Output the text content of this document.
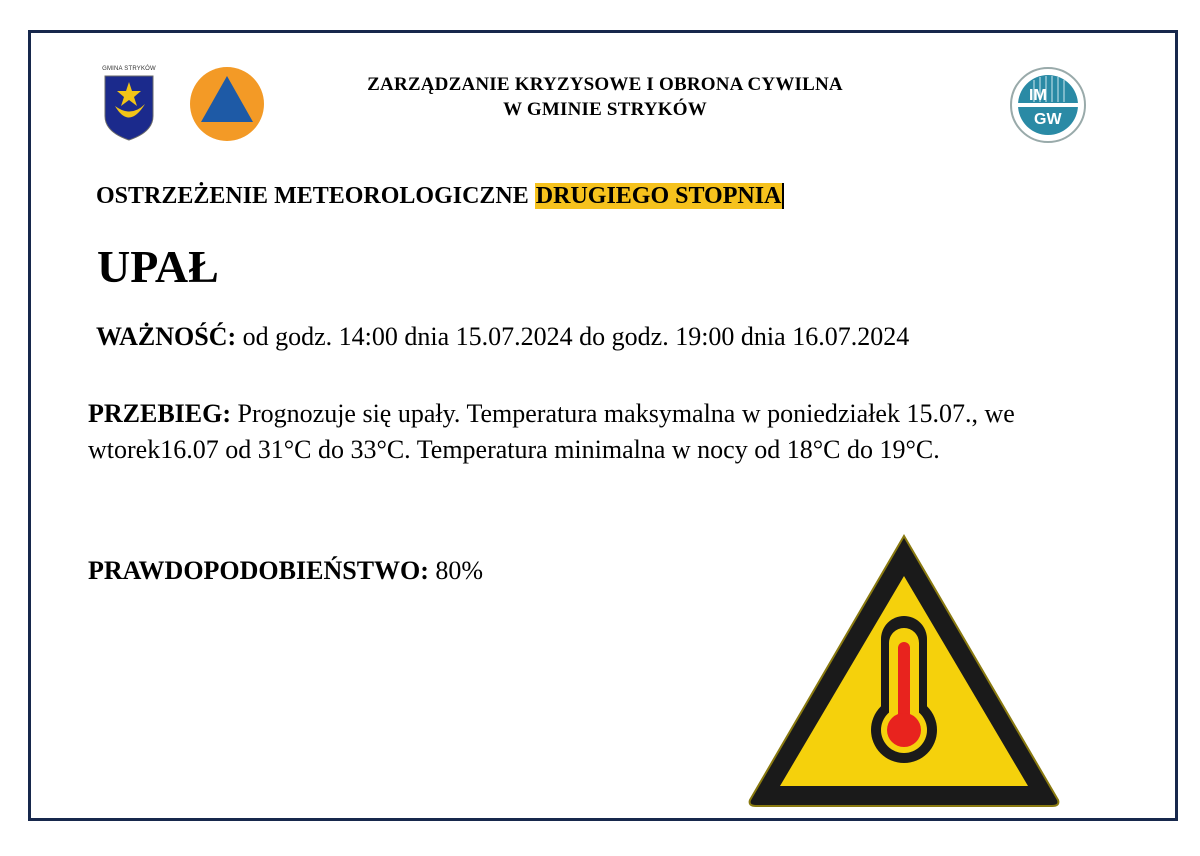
GMINA STRYKÓW
ZARZĄDZANIE KRYZYSOWE I OBRONA CYWILNA
W GMINIE STRYKÓW
IM
GW
OSTRZEŻENIE METEOROLOGICZNE DRUGIEGO STOPNIA
UPAŁ
WAŻNOŚĆ: od godz. 14:00 dnia 15.07.2024 do godz. 19:00 dnia 16.07.2024
PRZEBIEG: Prognozuje się upały. Temperatura maksymalna w poniedziałek 15.07., we wtorek16.07 od 31°C do 33°C. Temperatura minimalna w nocy od 18°C do 19°C.
PRAWDOPODOBIEŃSTWO: 80%
